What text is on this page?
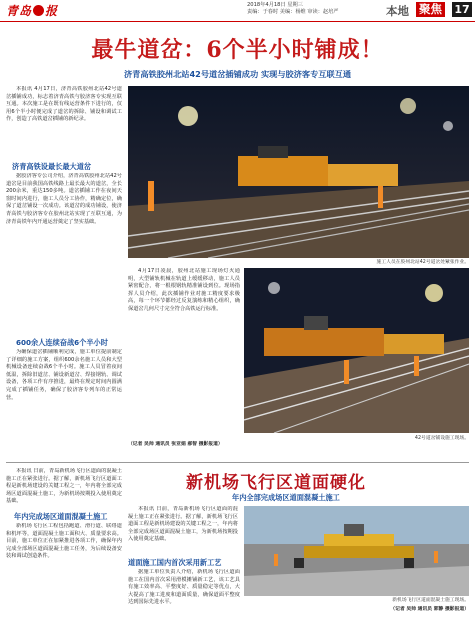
青岛 报	2018年4月18日 星期三
责编：于春时 美编：杨维 审读：赵培严	本地 聚焦 17
最牛道岔：6个半小时铺成！
济青高铁胶州北站42号道岔插铺成功 实现与胶济客专互联互通

本报讯 4月17日，济青高铁胶州北站42号道岔插铺成功，标志着济青高铁与胶济客专实现互联互通。本次施工是在既有线运营条件下进行的，仅用6个半小时便完成了道岔的拆除、铺设和调试工作，创造了高铁道岔插铺的新纪录。

济青高铁设最长最大道岔

据胶济客专公司介绍，济青高铁胶州北站42号道岔是目前我国高铁线路上最长最大的道岔，全长200余米，重达150多吨。道岔插铺工作在夜间天窗时间内进行，施工人员分工协作，精确定位，确保了道岔铺设一次成功。该道岔的成功铺设，使济青高铁与胶济客专在胶州北站实现了互联互通，为济青高铁年内开通运营奠定了坚实基础。

600余人连续奋战6个半小时

为确保道岔插铺顺利完成，施工单位提前制定了详细的施工方案，组织600余名施工人员和大型机械设备连续奋战6个半小时。施工人员冒着夜间低温，拆除旧道岔、铺设新道岔、焊接钢轨、调试设备，各项工作有序推进，最终在规定时间内圆满完成了插铺任务，确保了胶济客专列车的正常运营。

施工人员在胶州北站42号道岔处紧张作业。

4月17日凌晨，胶州北站施工现场灯火通明，大型铺轨机械在轨道上缓缓移动，施工人员紧密配合，将一根根钢轨精准铺设到位。现场指挥人员介绍，此次插铺作业对施工精度要求极高，每一个环节都经过反复演练和精心组织，确保道岔几何尺寸完全符合高铁运行标准。

42号道岔铺设施工现场。
（记者 吴帅 通讯员 张亚娟 郝智 摄影报道）

本报讯 日前，青岛新机场飞行区道面的混凝土施工正在紧张进行。据了解，新机场飞行区道面工程是新机场建设的关键工程之一，年内将全部完成场区道面混凝土施工，为新机场按期投入使用奠定基础。

年内完成场区道面混凝土施工

新机场飞行区工程包括跑道、滑行道、联络道和机坪等，道面混凝土施工面积大、质量要求高。目前，施工单位正在加紧推进各项工作，确保年内完成全部场区道面混凝土施工任务，为后续设备安装和调试创造条件。

新机场飞行区道面硬化
年内全部完成场区道面混凝土施工

本报讯 日前，青岛新机场飞行区道面的混凝土施工正在紧张进行。据了解，新机场飞行区道面工程是新机场建设的关键工程之一，年内将全部完成场区道面混凝土施工，为新机场按期投入使用奠定基础。

道面施工国内首次采用新工艺

据施工单位负责人介绍，新机场飞行区道面施工在国内首次采用滑模摊铺新工艺，该工艺具有施工效率高、平整度好、质量稳定等优点，大大提高了施工进度和道面质量，确保道面平整度达到国际先进水平。	新机场飞行区道面混凝土施工现场。
（记者 吴帅 通讯员 郭静 摄影报道）
